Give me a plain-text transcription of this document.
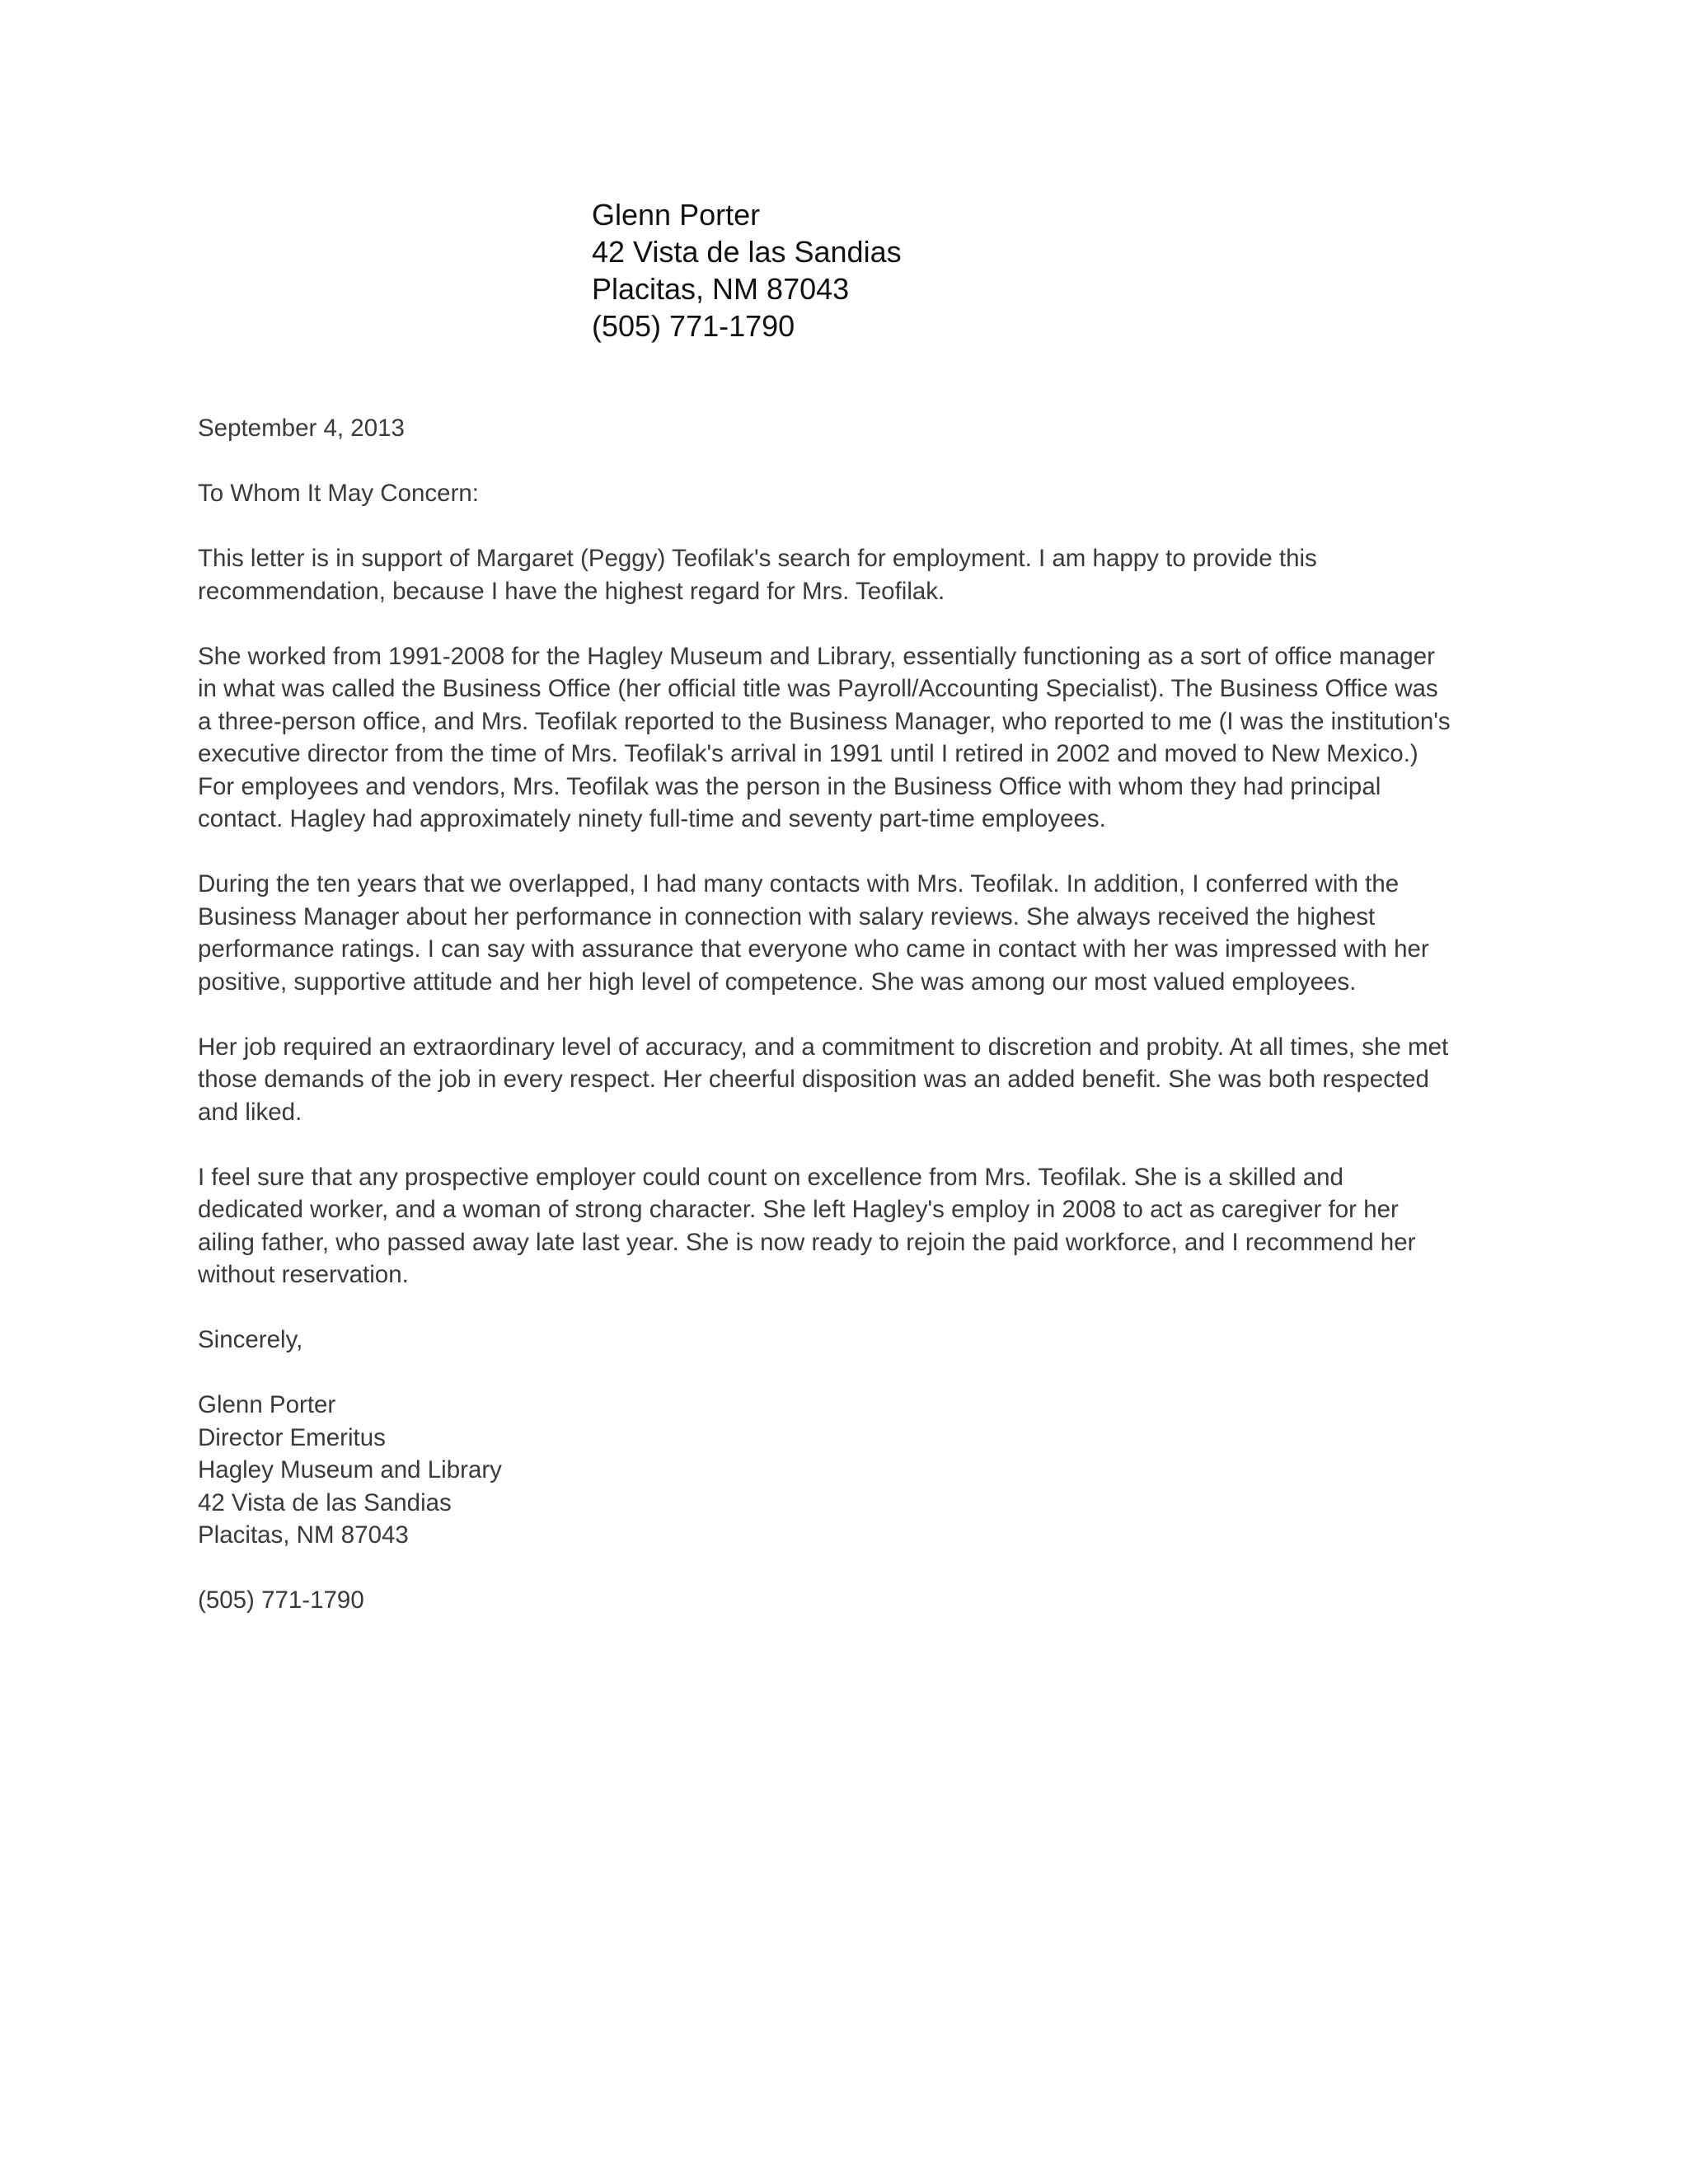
Glenn Porter
42 Vista de las Sandias
Placitas, NM 87043
(505) 771-1790
September 4, 2013
To Whom It May Concern:
This letter is in support of Margaret (Peggy) Teofilak's search for employment. I am happy to provide this
recommendation, because I have the highest regard for Mrs. Teofilak.
She worked from 1991-2008 for the Hagley Museum and Library, essentially functioning as a sort of office manager
in what was called the Business Office (her official title was Payroll/Accounting Specialist). The Business Office was
a three-person office, and Mrs. Teofilak reported to the Business Manager, who reported to me (I was the institution's
executive director from the time of Mrs. Teofilak's arrival in 1991 until I retired in 2002 and moved to New Mexico.)
For employees and vendors, Mrs. Teofilak was the person in the Business Office with whom they had principal
contact. Hagley had approximately ninety full-time and seventy part-time employees.
During the ten years that we overlapped, I had many contacts with Mrs. Teofilak. In addition, I conferred with the
Business Manager about her performance in connection with salary reviews. She always received the highest
performance ratings. I can say with assurance that everyone who came in contact with her was impressed with her
positive, supportive attitude and her high level of competence. She was among our most valued employees.
Her job required an extraordinary level of accuracy, and a commitment to discretion and probity. At all times, she met
those demands of the job in every respect. Her cheerful disposition was an added benefit. She was both respected
and liked.
I feel sure that any prospective employer could count on excellence from Mrs. Teofilak. She is a skilled and
dedicated worker, and a woman of strong character. She left Hagley's employ in 2008 to act as caregiver for her
ailing father, who passed away late last year. She is now ready to rejoin the paid workforce, and I recommend her
without reservation.
Sincerely,
Glenn Porter
Director Emeritus
Hagley Museum and Library
42 Vista de las Sandias
Placitas, NM 87043
(505) 771-1790
